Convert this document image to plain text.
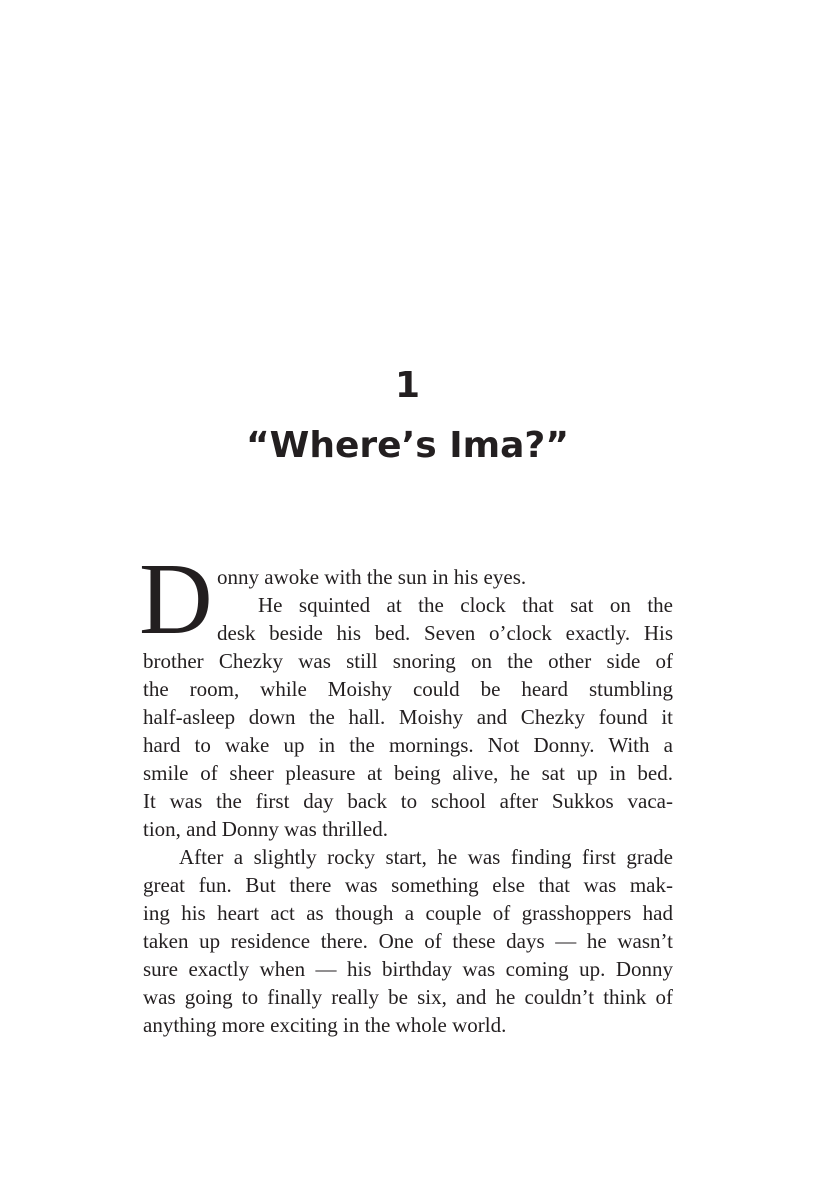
1
“Where’s Ima?”
D onny awoke with the sun in his eyes.
He squinted at the clock that sat on the
desk beside his bed. Seven o’clock exactly. His
brother Chezky was still snoring on the other side of
the room, while Moishy could be heard stumbling
half-asleep down the hall. Moishy and Chezky found it
hard to wake up in the mornings. Not Donny. With a
smile of sheer pleasure at being alive, he sat up in bed.
It was the first day back to school after Sukkos vaca-
tion, and Donny was thrilled.
After a slightly rocky start, he was finding first grade
great fun. But there was something else that was mak-
ing his heart act as though a couple of grasshoppers had
taken up residence there. One of these days — he wasn’t
sure exactly when — his birthday was coming up. Donny
was going to finally really be six, and he couldn’t think of
anything more exciting in the whole world.
